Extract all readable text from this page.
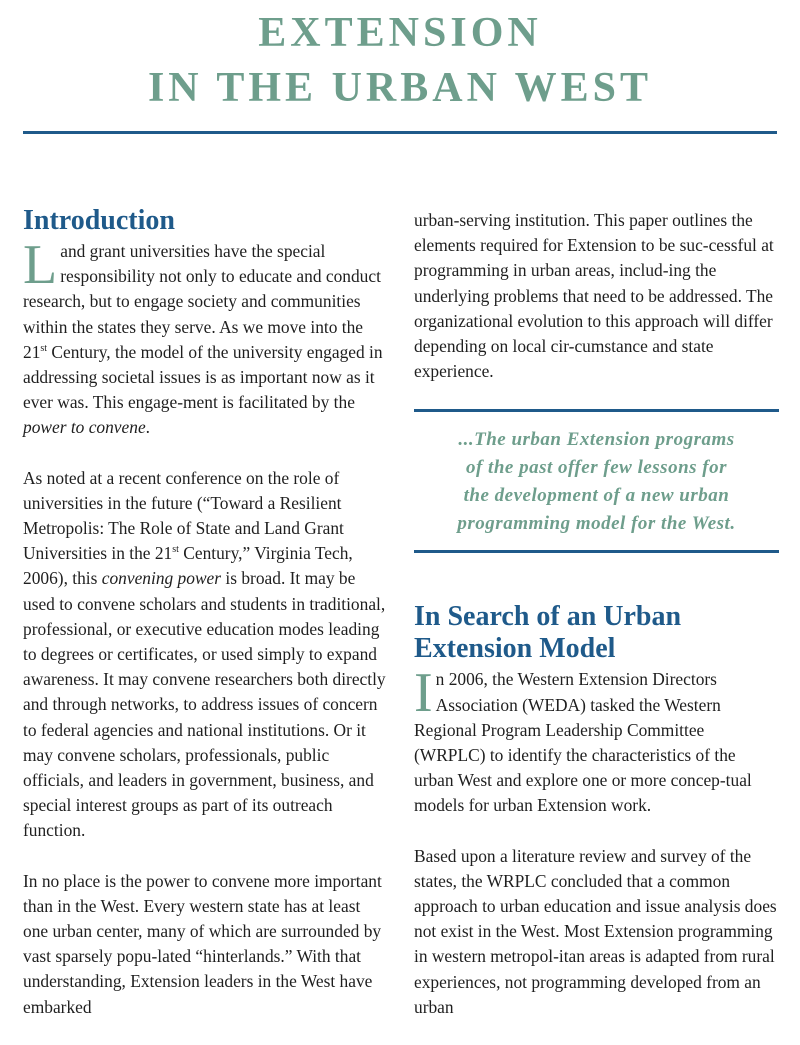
EXTENSION
IN THE URBAN WEST
Introduction

Land grant universities have the special responsibility not only to educate and conduct research, but to engage society and communities within the states they serve. As we move into the 21st Century, the model of the university engaged in addressing societal issues is as important now as it ever was. This engage-ment is facilitated by the power to convene.

As noted at a recent conference on the role of universities in the future (“Toward a Resilient Metropolis: The Role of State and Land Grant Universities in the 21st Century,” Virginia Tech, 2006), this convening power is broad. It may be used to convene scholars and students in traditional, professional, or executive education modes leading to degrees or certificates, or used simply to expand awareness. It may convene researchers both directly and through networks, to address issues of concern to federal agencies and national institutions. Or it may convene scholars, professionals, public officials, and leaders in government, business, and special interest groups as part of its outreach function.

In no place is the power to convene more important than in the West. Every western state has at least one urban center, many of which are surrounded by vast sparsely popu-lated “hinterlands.” With that understanding, Extension leaders in the West have embarked

urban-serving institution. This paper outlines the elements required for Extension to be suc-cessful at programming in urban areas, includ-ing the underlying problems that need to be addressed. The organizational evolution to this approach will differ depending on local cir-cumstance and state experience.

...The urban Extension programs
of the past offer few lessons for
the development of a new urban
programming model for the West.
In Search of an Urban
Extension Model

In 2006, the Western Extension Directors Association (WEDA) tasked the Western Regional Program Leadership Committee (WRPLC) to identify the characteristics of the urban West and explore one or more concep-tual models for urban Extension work.

Based upon a literature review and survey of the states, the WRPLC concluded that a common approach to urban education and issue analysis does not exist in the West. Most Extension programming in western metropol-itan areas is adapted from rural experiences, not programming developed from an urban
